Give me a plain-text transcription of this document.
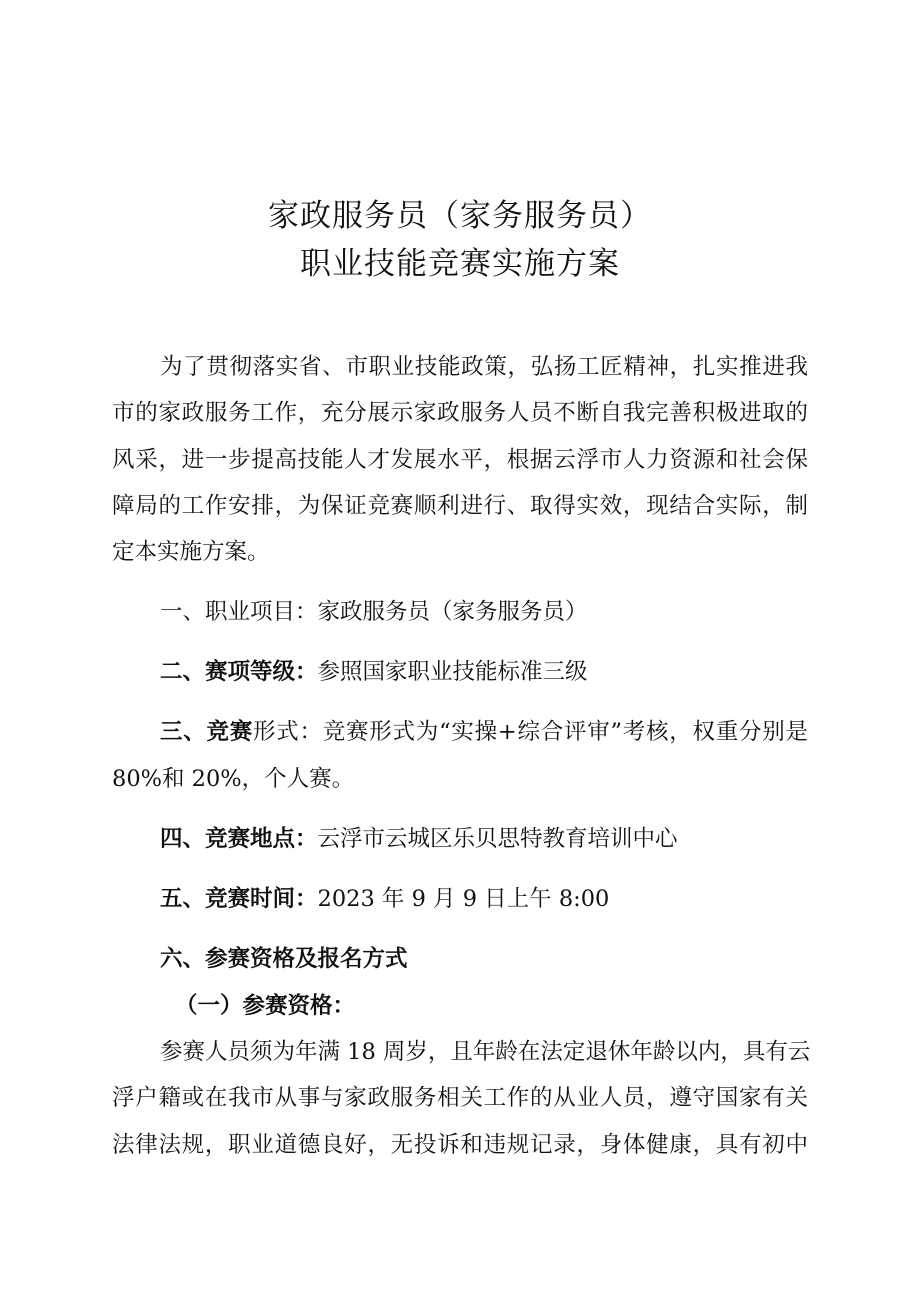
家政服务员（家务服务员）
职业技能竞赛实施方案
为了贯彻落实省、市职业技能政策，弘扬工匠精神，扎实推进我
市的家政服务工作，充分展示家政服务人员不断自我完善积极进取的
风采，进一步提高技能人才发展水平，根据云浮市人力资源和社会保
障局的工作安排，为保证竞赛顺利进行、取得实效，现结合实际，制
定本实施方案。
一、职业项目：家政服务员（家务服务员）
二、赛项等级：参照国家职业技能标准三级
三、竞赛形式：竞赛形式为“实操+综合评审”考核，权重分别是
80%和 20%，个人赛。
四、竞赛地点：云浮市云城区乐贝思特教育培训中心
五、竞赛时间：2023 年 9 月 9 日上午 8:00
六、参赛资格及报名方式
（一）参赛资格：
参赛人员须为年满 18 周岁，且年龄在法定退休年龄以内，具有云
浮户籍或在我市从事与家政服务相关工作的从业人员，遵守国家有关
法律法规，职业道德良好，无投诉和违规记录，身体健康，具有初中
